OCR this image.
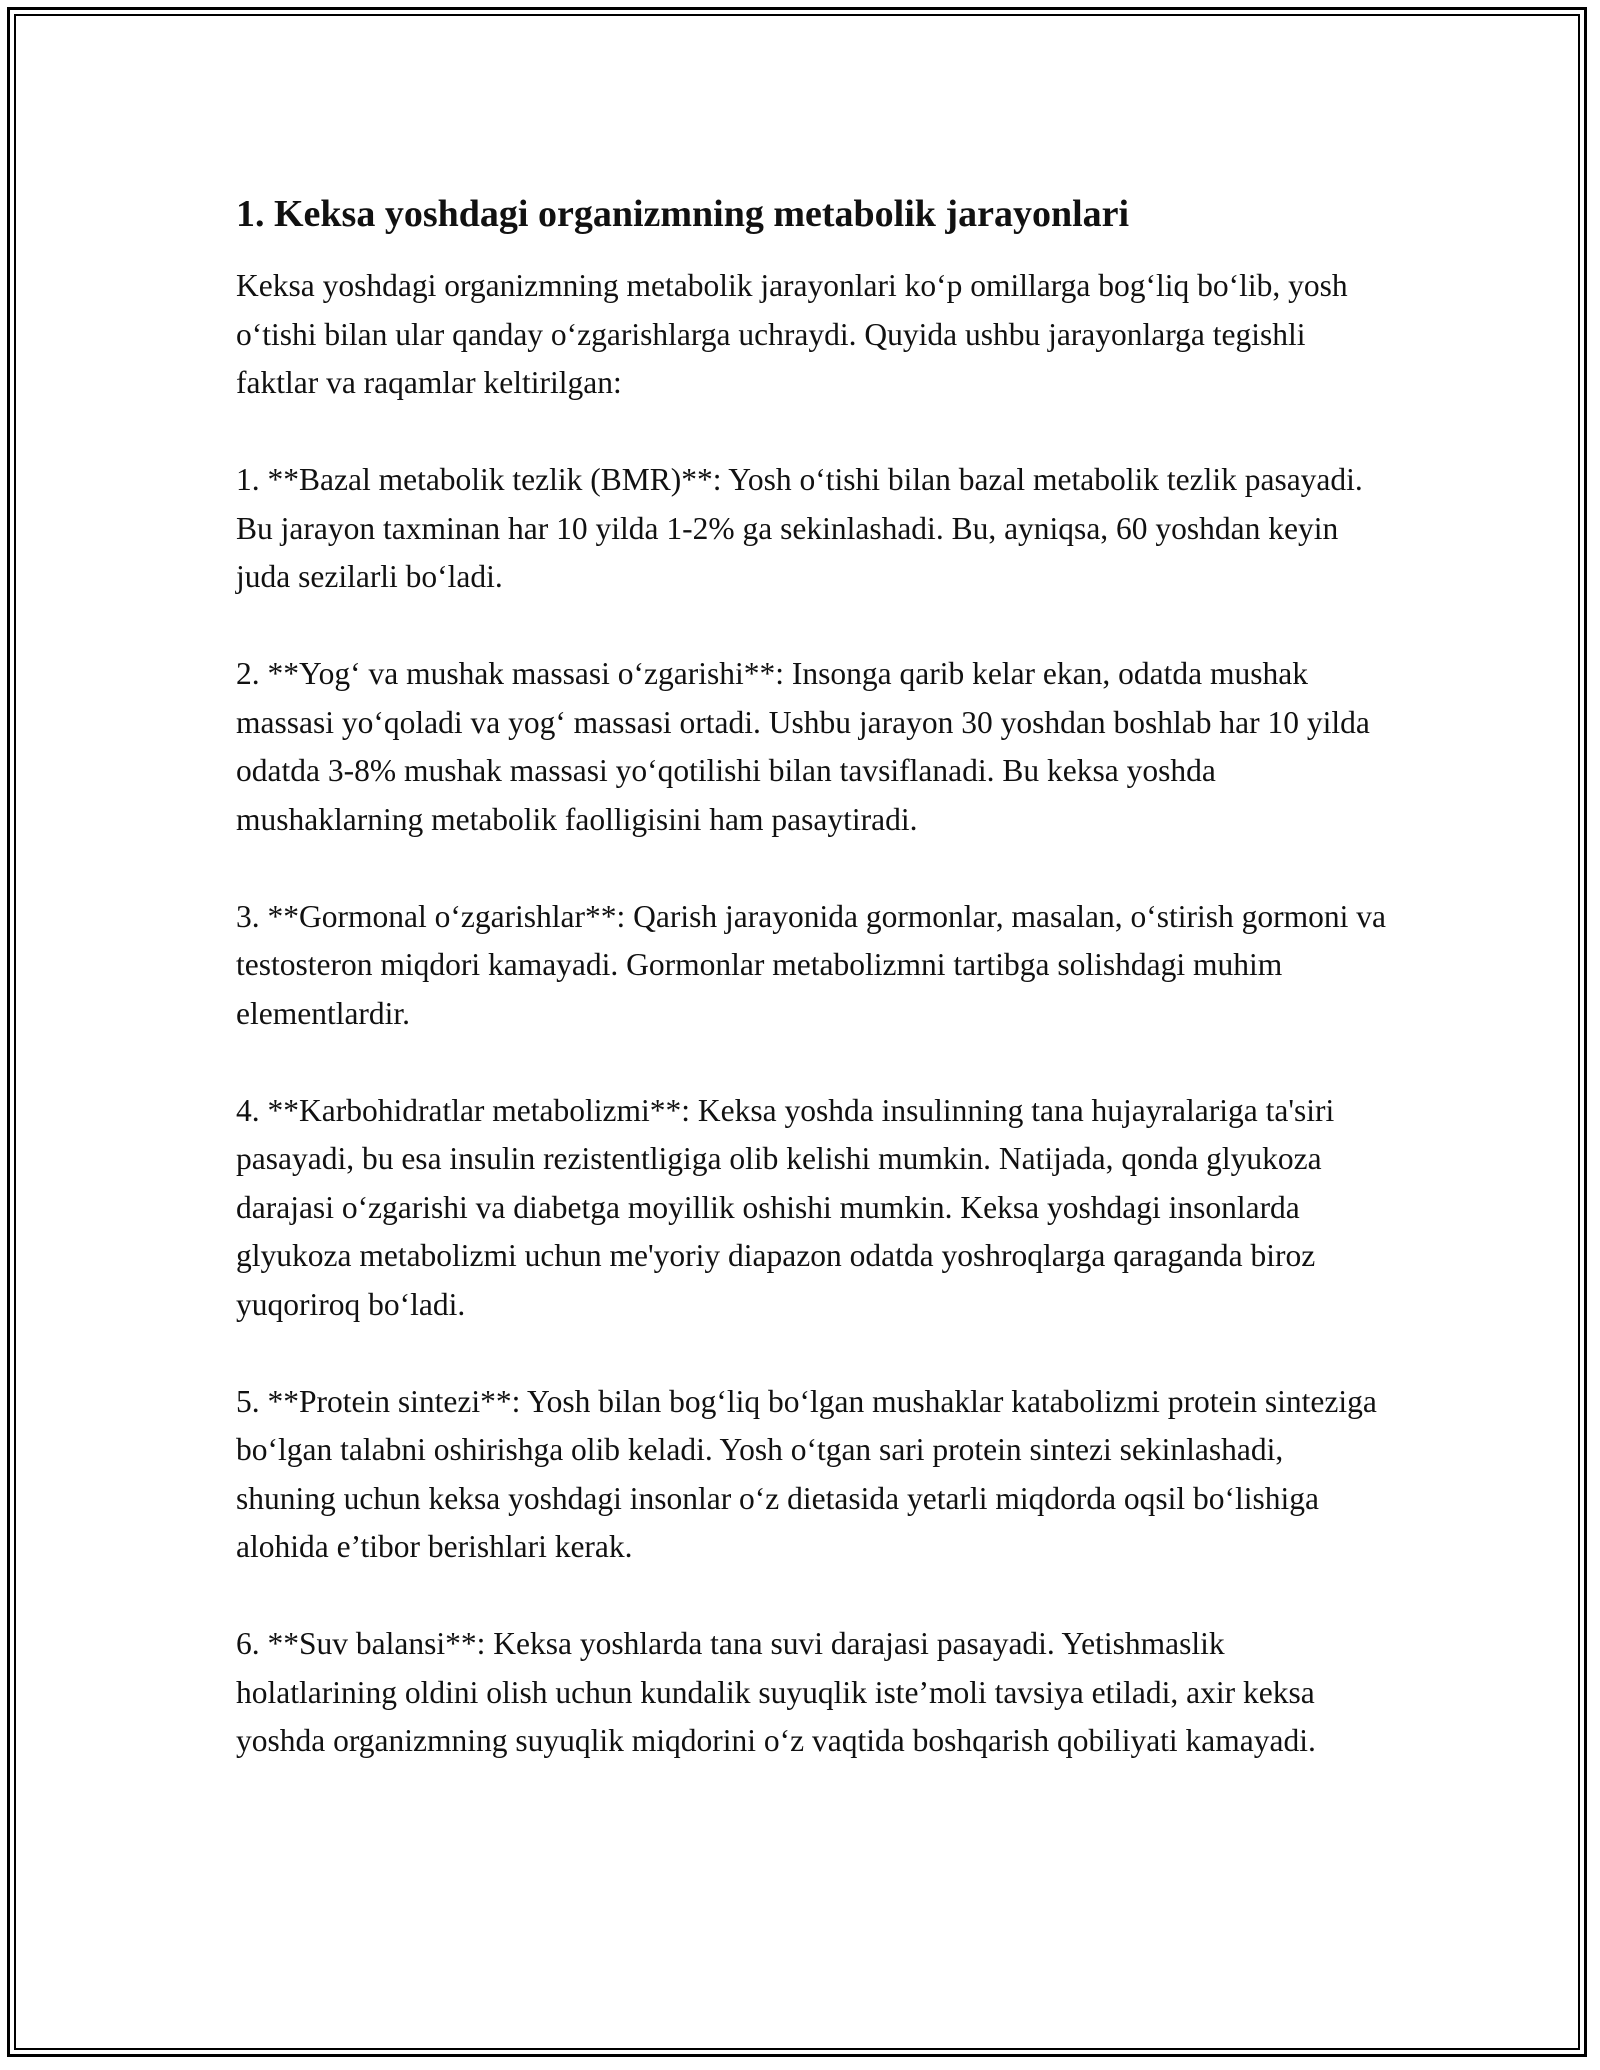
1. Keksa yoshdagi organizmning metabolik jarayonlari

Keksa yoshdagi organizmning metabolik jarayonlari koʻp omillarga bogʻliq boʻlib, yosh oʻtishi bilan ular qanday oʻzgarishlarga uchraydi. Quyida ushbu jarayonlarga tegishli faktlar va raqamlar keltirilgan:

1. **Bazal metabolik tezlik (BMR)**: Yosh oʻtishi bilan bazal metabolik tezlik pasayadi. Bu jarayon taxminan har 10 yilda 1-2% ga sekinlashadi. Bu, ayniqsa, 60 yoshdan keyin juda sezilarli boʻladi.

2. **Yogʻ va mushak massasi oʻzgarishi**: Insonga qarib kelar ekan, odatda mushak massasi yoʻqoladi va yogʻ massasi ortadi. Ushbu jarayon 30 yoshdan boshlab har 10 yilda odatda 3-8% mushak massasi yoʻqotilishi bilan tavsiflanadi. Bu keksa yoshda mushaklarning metabolik faolligisini ham pasaytiradi.

3. **Gormonal oʻzgarishlar**: Qarish jarayonida gormonlar, masalan, oʻstirish gormoni va testosteron miqdori kamayadi. Gormonlar metabolizmni tartibga solishdagi muhim elementlardir.

4. **Karbohidratlar metabolizmi**: Keksa yoshda insulinning tana hujayralariga ta'siri pasayadi, bu esa insulin rezistentligiga olib kelishi mumkin. Natijada, qonda glyukoza darajasi oʻzgarishi va diabetga moyillik oshishi mumkin. Keksa yoshdagi insonlarda glyukoza metabolizmi uchun me'yoriy diapazon odatda yoshroqlarga qaraganda biroz yuqoriroq boʻladi.

5. **Protein sintezi**: Yosh bilan bogʻliq boʻlgan mushaklar katabolizmi protein sinteziga boʻlgan talabni oshirishga olib keladi. Yosh oʻtgan sari protein sintezi sekinlashadi, shuning uchun keksa yoshdagi insonlar oʻz dietasida yetarli miqdorda oqsil boʻlishiga alohida e’tibor berishlari kerak.

6. **Suv balansi**: Keksa yoshlarda tana suvi darajasi pasayadi. Yetishmaslik holatlarining oldini olish uchun kundalik suyuqlik iste’moli tavsiya etiladi, axir keksa yoshda organizmning suyuqlik miqdorini oʻz vaqtida boshqarish qobiliyati kamayadi.
